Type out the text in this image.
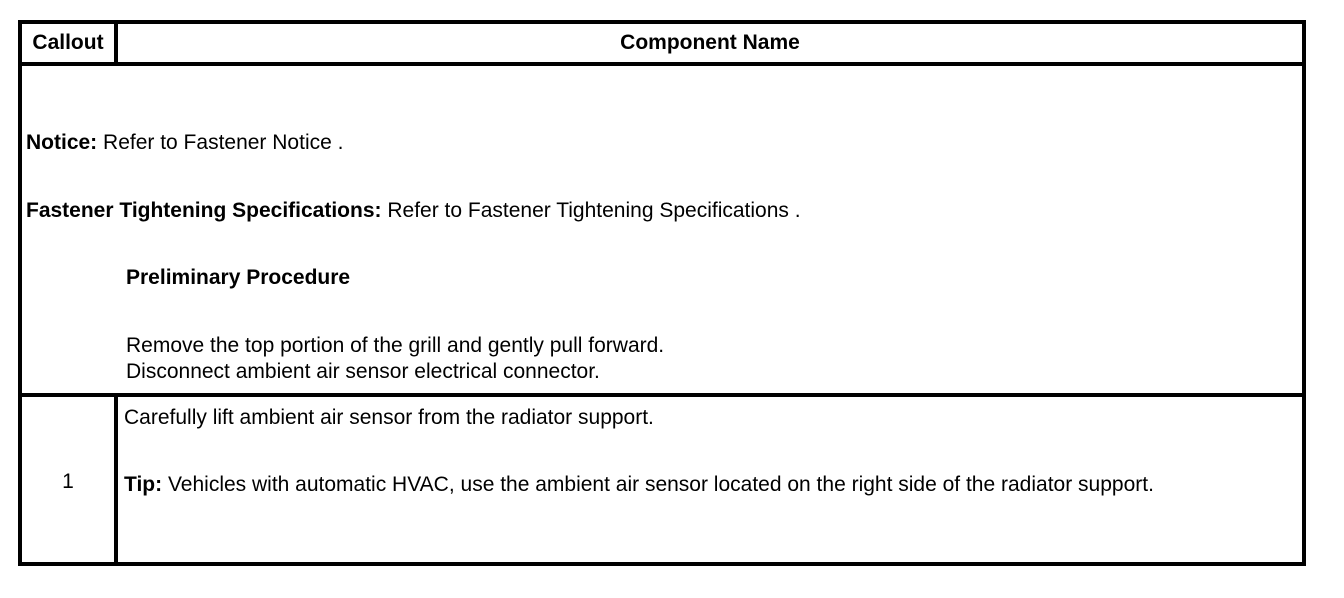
Callout	Component Name
Notice: Refer to Fastener Notice .
Fastener Tightening Specifications: Refer to Fastener Tightening Specifications .
Preliminary Procedure
Remove the top portion of the grill and gently pull forward.
Disconnect ambient air sensor electrical connector.
1
Carefully lift ambient air sensor from the radiator support.
Tip: Vehicles with automatic HVAC, use the ambient air sensor located on the right side of the radiator support.
